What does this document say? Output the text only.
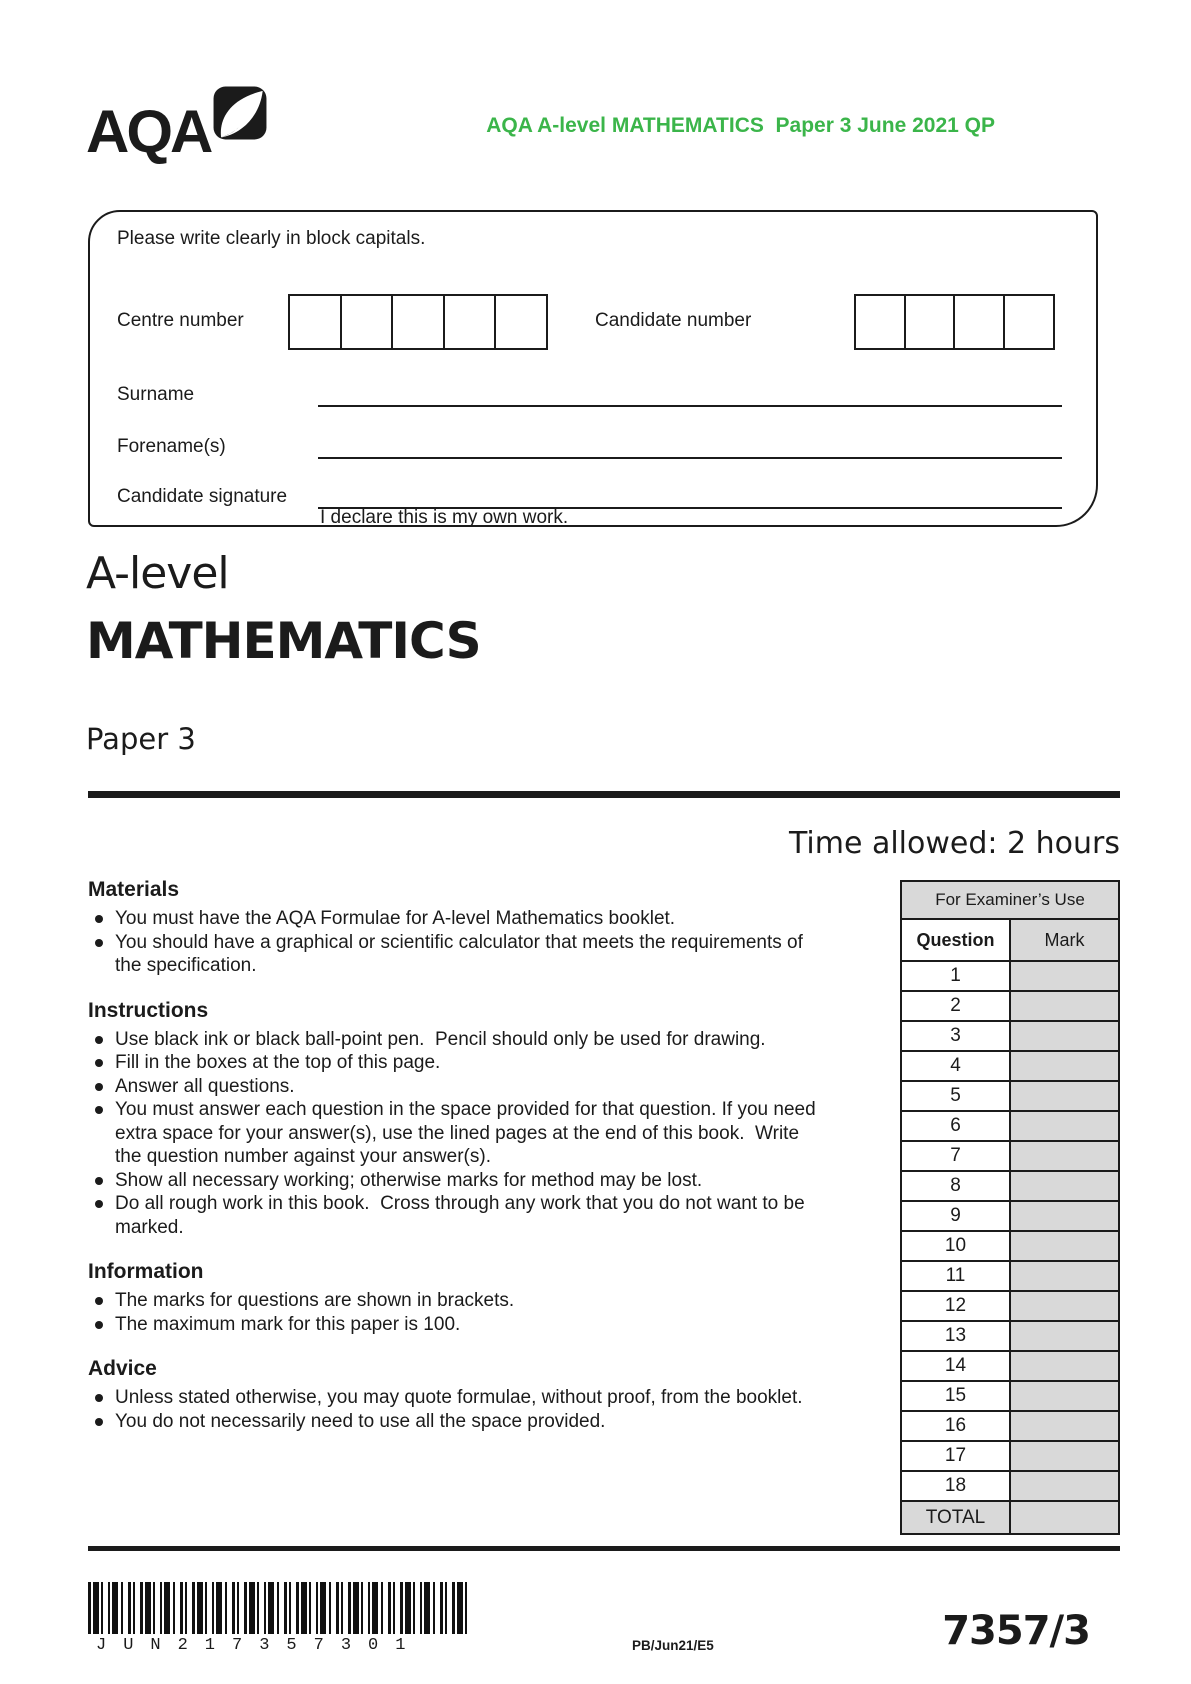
AQA	AQA A-level MATHEMATICS  Paper 3 June 2021 QP
Please write clearly in block capitals.
Centre number	Candidate number
Surname
Forename(s)
Candidate signature
I declare this is my own work.
A-level
MATHEMATICS
Paper 3
Time allowed: 2 hours
Materials
You must have the AQA Formulae for A-level Mathematics booklet.
You should have a graphical or scientific calculator that meets the requirements of the specification.
Instructions
Use black ink or black ball-point pen.  Pencil should only be used for drawing.
Fill in the boxes at the top of this page.
Answer all questions.
You must answer each question in the space provided for that question. If you need extra space for your answer(s), use the lined pages at the end of this book.  Write the question number against your answer(s).
Show all necessary working; otherwise marks for method may be lost.
Do all rough work in this book.  Cross through any work that you do not want to be marked.
Information
The marks for questions are shown in brackets.
The maximum mark for this paper is 100.
Advice
Unless stated otherwise, you may quote formulae, without proof, from the booklet.
You do not necessarily need to use all the space provided.
For Examiner’s Use	
Question	Mark
1	
2	
3	
4	
5	
6	
7	
8	
9	
10	
11	
12	
13	
14	
15	
16	
17	
18	
TOTAL	
JUN217357301	PB/Jun21/E5	7357/3
